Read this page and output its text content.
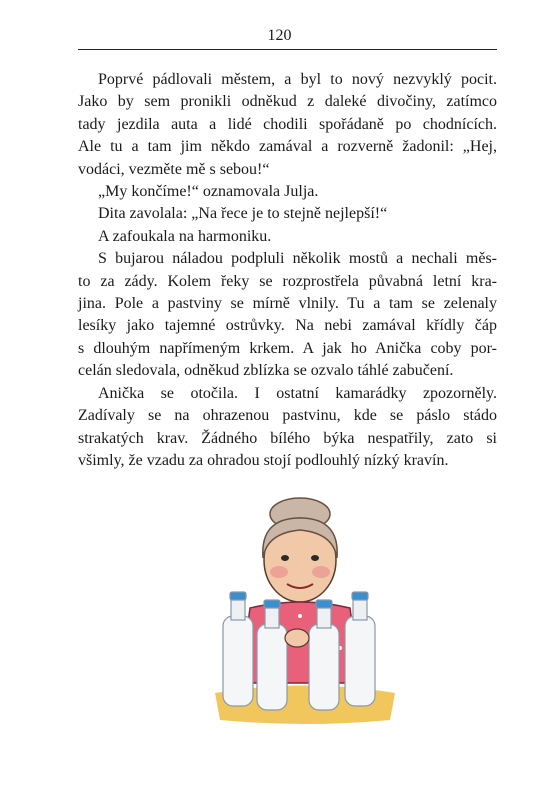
120
Poprvé pádlovali městem, a byl to nový nezvyklý pocit.
Jako by sem pronikli odněkud z daleké divočiny, zatímco
tady jezdila auta a lidé chodili spořádaně po chodnících.
Ale tu a tam jim někdo zamával a rozverně žadonil: „Hej,
vodáci, vezměte mě s sebou!“
„My končíme!“ oznamovala Julja.
Dita zavolala: „Na řece je to stejně nejlepší!“
A zafoukala na harmoniku.
S bujarou náladou podpluli několik mostů a nechali měs-
to za zády. Kolem řeky se rozprostřela půvabná letní kra-
jina. Pole a pastviny se mírně vlnily. Tu a tam se zelenaly
lesíky jako tajemné ostrůvky. Na nebi zamával křídly čáp
s dlouhým napřímeným krkem. A jak ho Anička coby por-
celán sledovala, odněkud zblízka se ozvalo táhlé zabučení.
Anička se otočila. I ostatní kamarádky zpozorněly.
Zadívaly se na ohrazenou pastvinu, kde se páslo stádo
strakatých krav. Žádného bílého býka nespatřily, zato si
všimly, že vzadu za ohradou stojí podlouhlý nízký kravín.
